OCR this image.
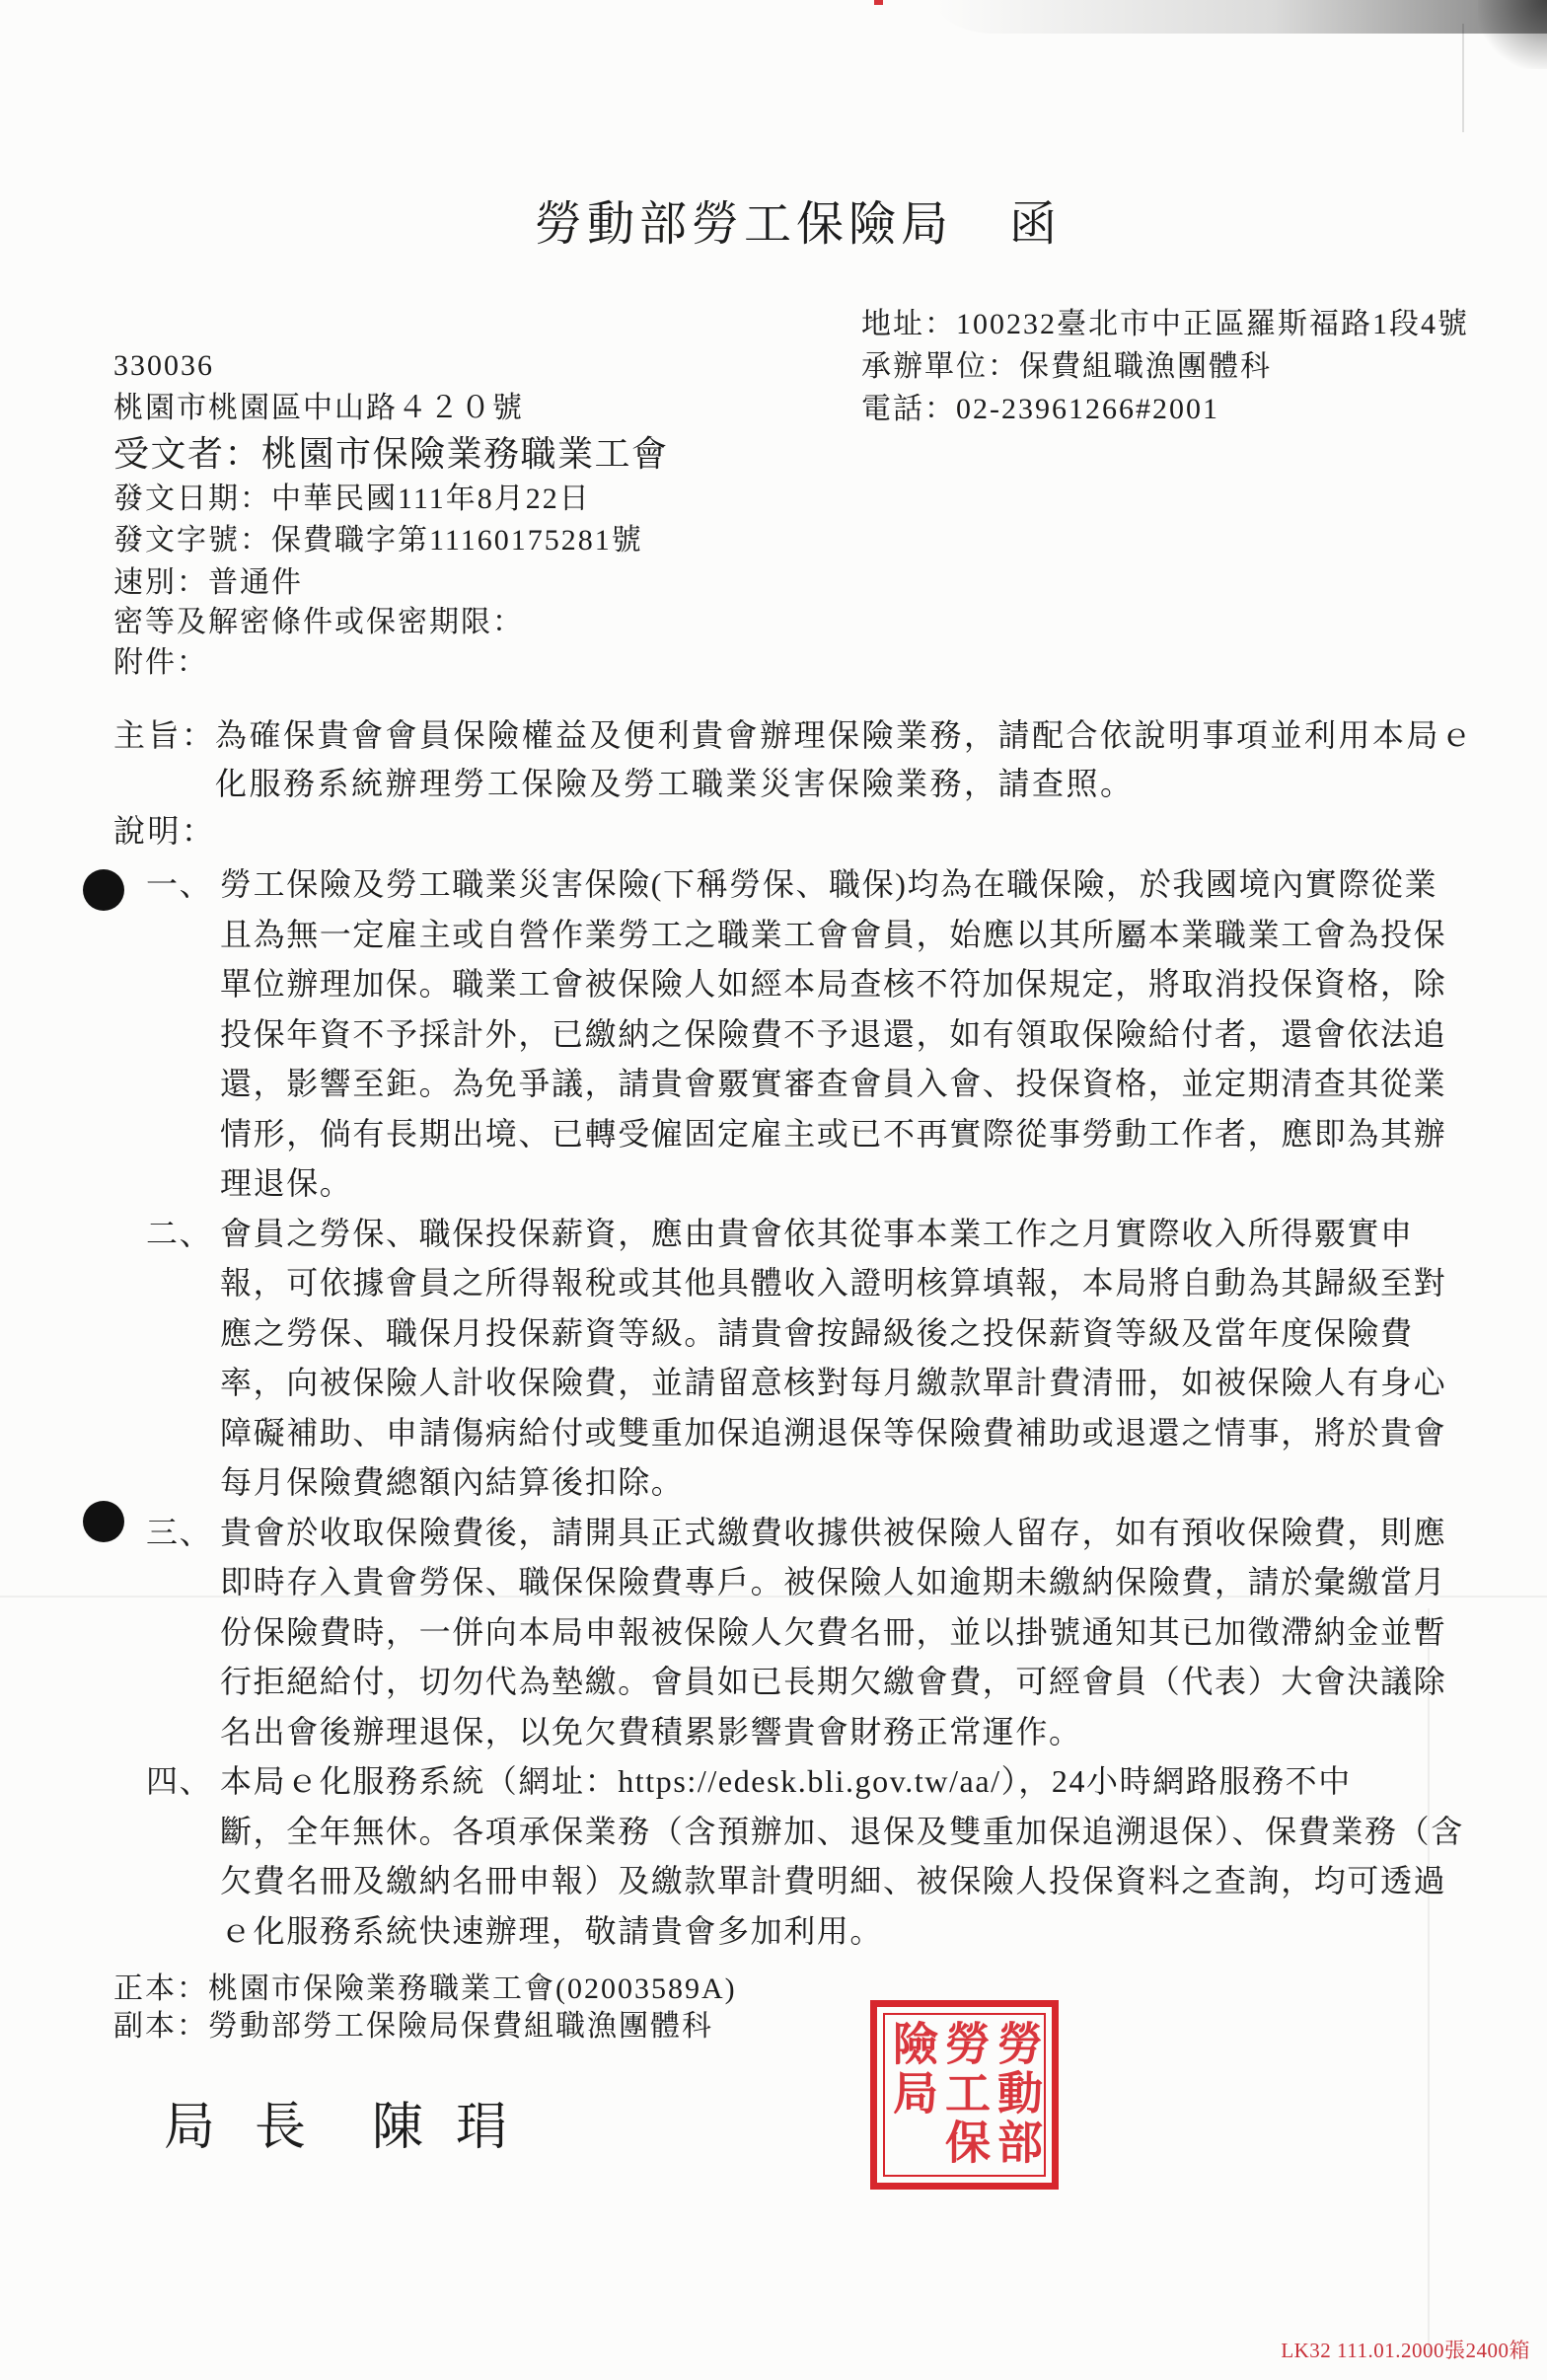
勞動部勞工保險局 函
地址：100232臺北市中正區羅斯福路1段4號
承辦單位：保費組職漁團體科
電話：02-23961266#2001
330036
桃園市桃園區中山路４２０號
受文者：桃園市保險業務職業工會
發文日期：中華民國111年8月22日
發文字號：保費職字第11160175281號
速別：普通件
密等及解密條件或保密期限：
附件：
主旨： 為確保貴會會員保險權益及便利貴會辦理保險業務，請配合依說明事項並利用本局ｅ
化服務系統辦理勞工保險及勞工職業災害保險業務，請查照。
說明：
一、 勞工保險及勞工職業災害保險(下稱勞保、職保)均為在職保險，於我國境內實際從業
且為無一定雇主或自營作業勞工之職業工會會員，始應以其所屬本業職業工會為投保
單位辦理加保。職業工會被保險人如經本局查核不符加保規定，將取消投保資格，除
投保年資不予採計外，已繳納之保險費不予退還，如有領取保險給付者，還會依法追
還，影響至鉅。為免爭議，請貴會覈實審查會員入會、投保資格，並定期清查其從業
情形，倘有長期出境、已轉受僱固定雇主或已不再實際從事勞動工作者，應即為其辦
理退保。
二、 會員之勞保、職保投保薪資，應由貴會依其從事本業工作之月實際收入所得覈實申
報，可依據會員之所得報稅或其他具體收入證明核算填報，本局將自動為其歸級至對
應之勞保、職保月投保薪資等級。請貴會按歸級後之投保薪資等級及當年度保險費
率，向被保險人計收保險費，並請留意核對每月繳款單計費清冊，如被保險人有身心
障礙補助、申請傷病給付或雙重加保追溯退保等保險費補助或退還之情事，將於貴會
每月保險費總額內結算後扣除。
三、 貴會於收取保險費後，請開具正式繳費收據供被保險人留存，如有預收保險費，則應
即時存入貴會勞保、職保保險費專戶。被保險人如逾期未繳納保險費，請於彙繳當月
份保險費時，一併向本局申報被保險人欠費名冊，並以掛號通知其已加徵滯納金並暫
行拒絕給付，切勿代為墊繳。會員如已長期欠繳會費，可經會員（代表）大會決議除
名出會後辦理退保，以免欠費積累影響貴會財務正常運作。
四、 本局ｅ化服務系統（網址：https://edesk.bli.gov.tw/aa/），24小時網路服務不中
斷，全年無休。各項承保業務（含預辦加、退保及雙重加保追溯退保）、保費業務（含
欠費名冊及繳納名冊申報）及繳款單計費明細、被保險人投保資料之查詢，均可透過
ｅ化服務系統快速辦理，敬請貴會多加利用。
正本：桃園市保險業務職業工會(02003589A)
副本：勞動部勞工保險局保費組職漁團體科
局長 陳琄	勞動部勞工保險局
LK32 111.01.2000張2400箱
